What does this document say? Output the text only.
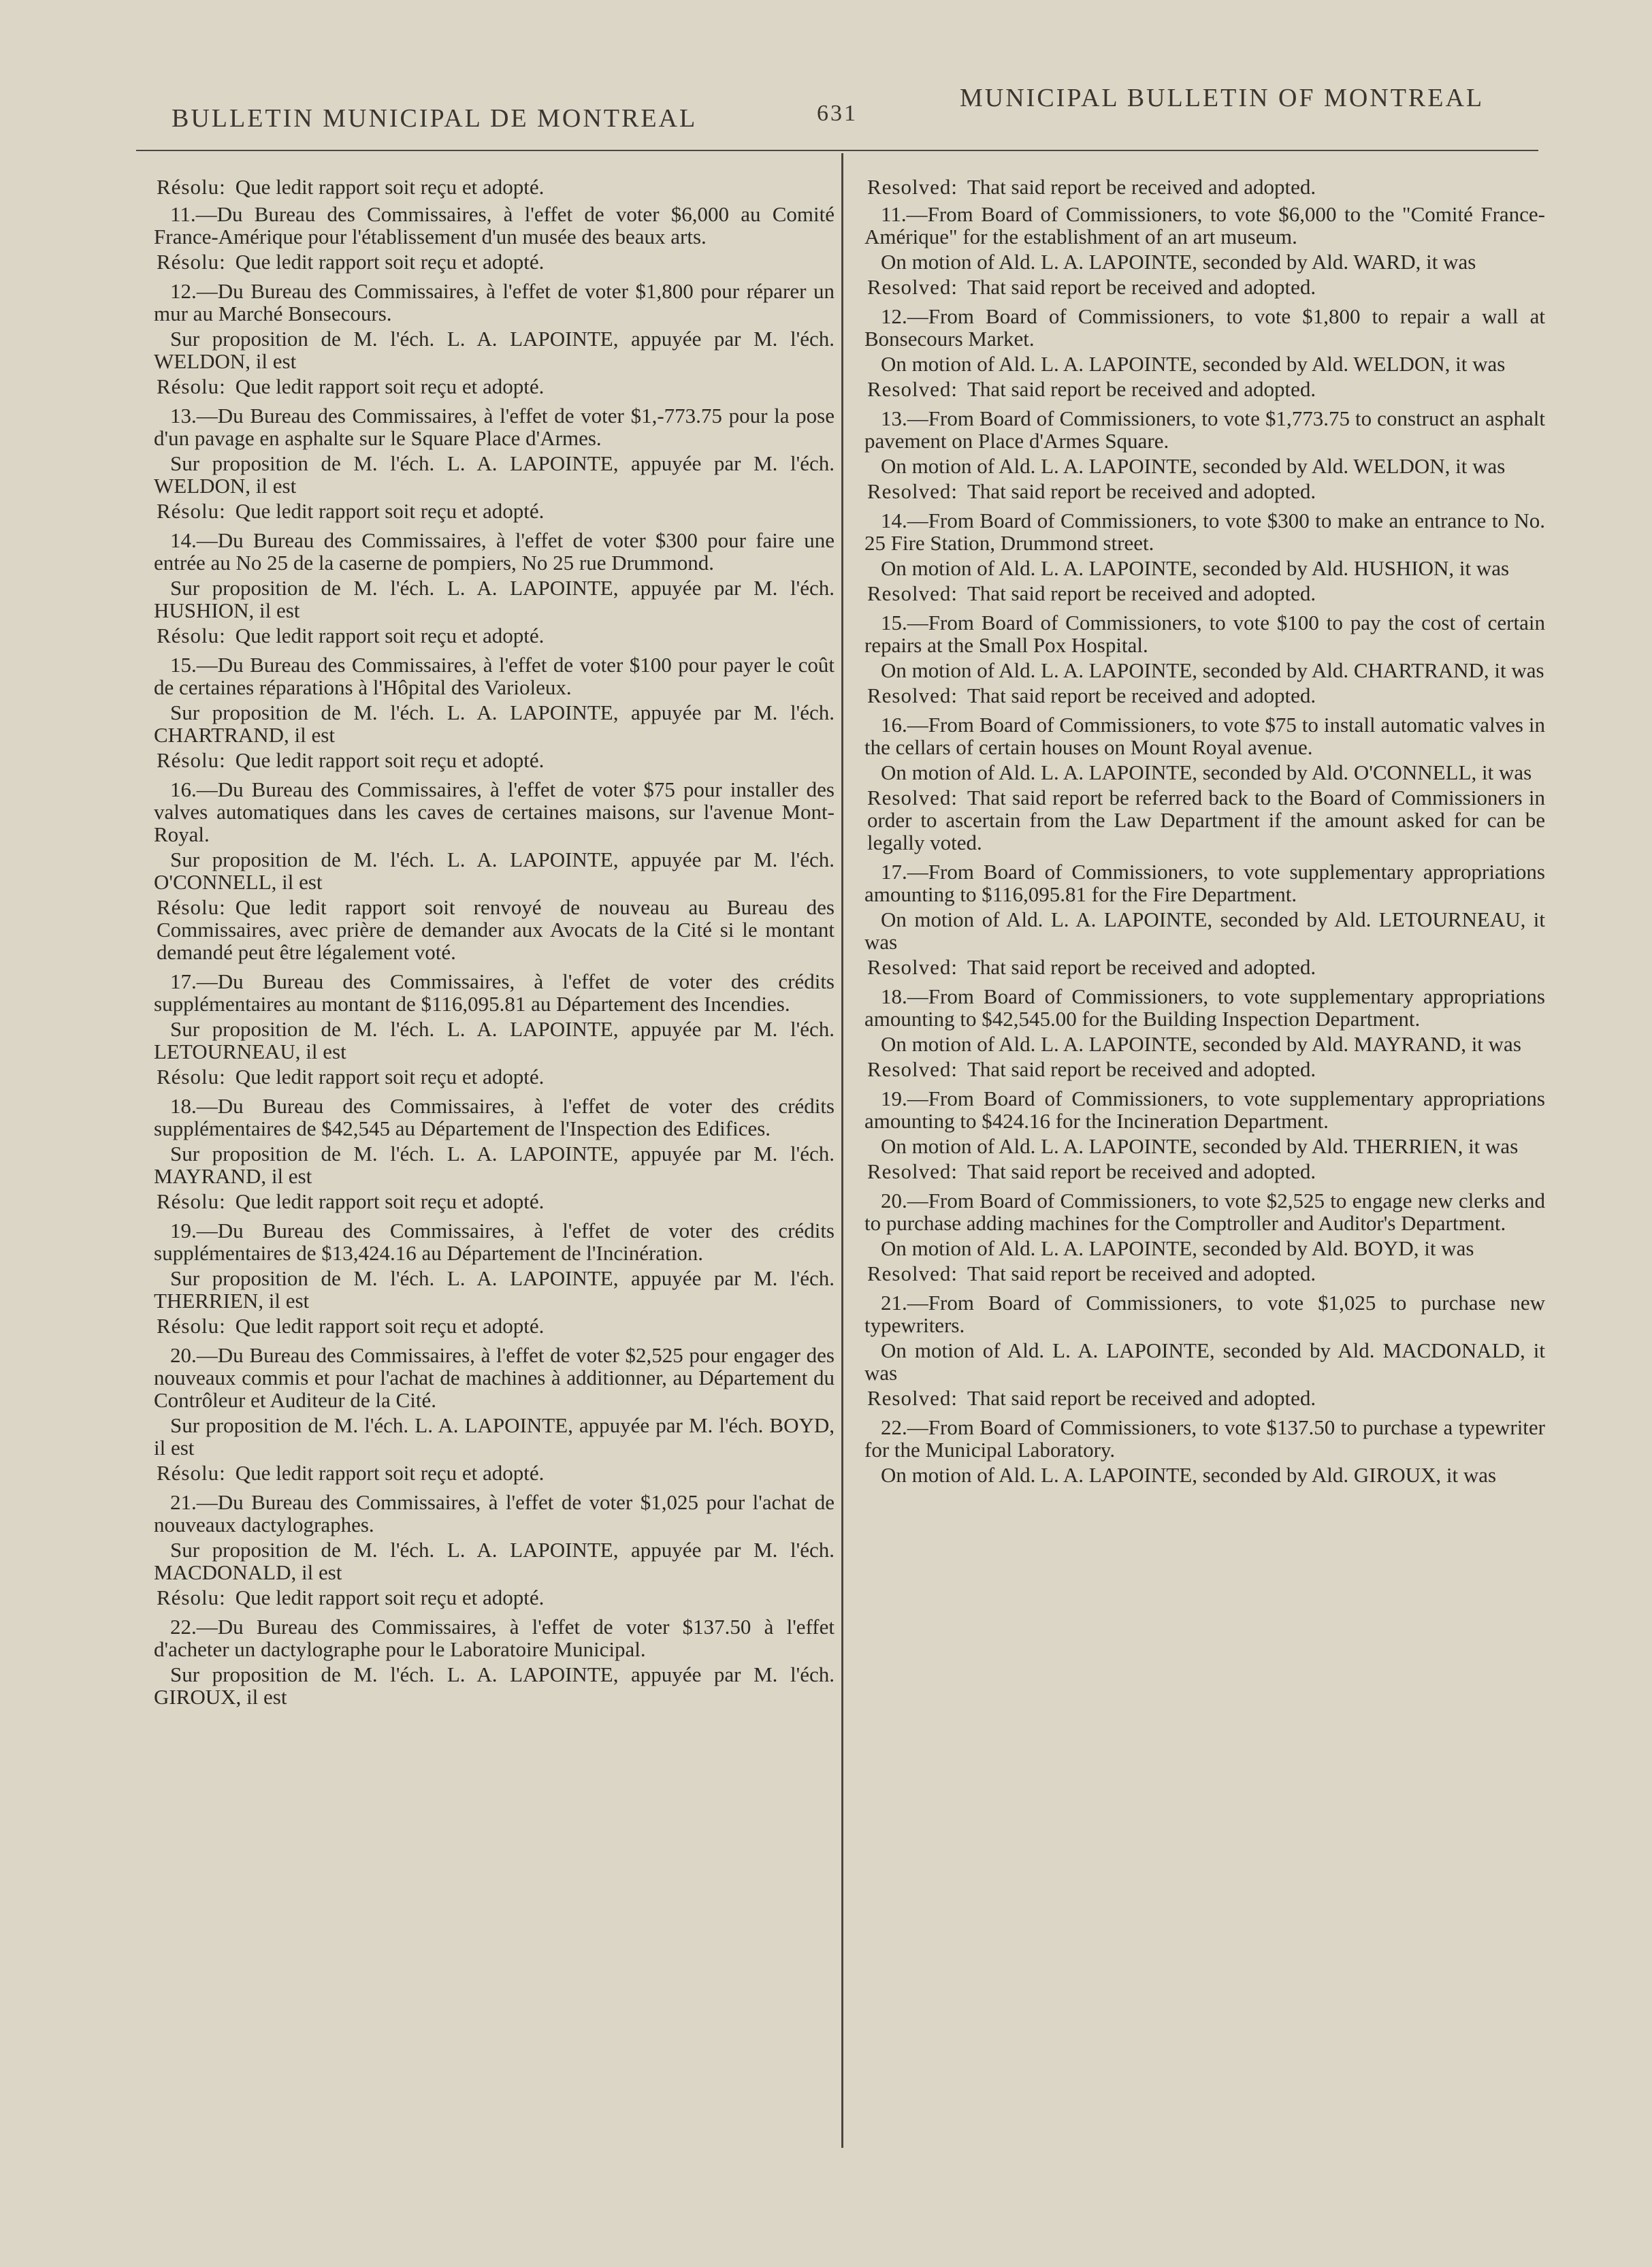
BULLETIN MUNICIPAL DE MONTREAL	631
MUNICIPAL BULLETIN OF MONTREAL

Résolu: Que ledit rapport soit reçu et adopté.

11.—Du Bureau des Commissaires, à l'effet de voter $6,000 au Comité France-Amérique pour l'établissement d'un musée des beaux arts.

Résolu: Que ledit rapport soit reçu et adopté.

12.—Du Bureau des Commissaires, à l'effet de voter $1,800 pour réparer un mur au Marché Bonsecours.

Sur proposition de M. l'éch. L. A. LAPOINTE, appuyée par M. l'éch. WELDON, il est

Résolu: Que ledit rapport soit reçu et adopté.

13.—Du Bureau des Commissaires, à l'effet de voter $1,-773.75 pour la pose d'un pavage en asphalte sur le Square Place d'Armes.

Sur proposition de M. l'éch. L. A. LAPOINTE, appuyée par M. l'éch. WELDON, il est

Résolu: Que ledit rapport soit reçu et adopté.

14.—Du Bureau des Commissaires, à l'effet de voter $300 pour faire une entrée au No 25 de la caserne de pompiers, No 25 rue Drummond.

Sur proposition de M. l'éch. L. A. LAPOINTE, appuyée par M. l'éch. HUSHION, il est

Résolu: Que ledit rapport soit reçu et adopté.

15.—Du Bureau des Commissaires, à l'effet de voter $100 pour payer le coût de certaines réparations à l'Hôpital des Varioleux.

Sur proposition de M. l'éch. L. A. LAPOINTE, appuyée par M. l'éch. CHARTRAND, il est

Résolu: Que ledit rapport soit reçu et adopté.

16.—Du Bureau des Commissaires, à l'effet de voter $75 pour installer des valves automatiques dans les caves de certaines maisons, sur l'avenue Mont-Royal.

Sur proposition de M. l'éch. L. A. LAPOINTE, appuyée par M. l'éch. O'CONNELL, il est

Résolu: Que ledit rapport soit renvoyé de nouveau au Bureau des Commissaires, avec prière de demander aux Avocats de la Cité si le montant demandé peut être légalement voté.

17.—Du Bureau des Commissaires, à l'effet de voter des crédits supplémentaires au montant de $116,095.81 au Département des Incendies.

Sur proposition de M. l'éch. L. A. LAPOINTE, appuyée par M. l'éch. LETOURNEAU, il est

Résolu: Que ledit rapport soit reçu et adopté.

18.—Du Bureau des Commissaires, à l'effet de voter des crédits supplémentaires de $42,545 au Département de l'Inspection des Edifices.

Sur proposition de M. l'éch. L. A. LAPOINTE, appuyée par M. l'éch. MAYRAND, il est

Résolu: Que ledit rapport soit reçu et adopté.

19.—Du Bureau des Commissaires, à l'effet de voter des crédits supplémentaires de $13,424.16 au Département de l'Incinération.

Sur proposition de M. l'éch. L. A. LAPOINTE, appuyée par M. l'éch. THERRIEN, il est

Résolu: Que ledit rapport soit reçu et adopté.

20.—Du Bureau des Commissaires, à l'effet de voter $2,525 pour engager des nouveaux commis et pour l'achat de machines à additionner, au Département du Contrôleur et Auditeur de la Cité.

Sur proposition de M. l'éch. L. A. LAPOINTE, appuyée par M. l'éch. BOYD, il est

Résolu: Que ledit rapport soit reçu et adopté.

21.—Du Bureau des Commissaires, à l'effet de voter $1,025 pour l'achat de nouveaux dactylographes.

Sur proposition de M. l'éch. L. A. LAPOINTE, appuyée par M. l'éch. MACDONALD, il est

Résolu: Que ledit rapport soit reçu et adopté.

22.—Du Bureau des Commissaires, à l'effet de voter $137.50 à l'effet d'acheter un dactylographe pour le Laboratoire Municipal.

Sur proposition de M. l'éch. L. A. LAPOINTE, appuyée par M. l'éch. GIROUX, il est

Resolved: That said report be received and adopted.

11.—From Board of Commissioners, to vote $6,000 to the "Comité France-Amérique" for the establishment of an art museum.

On motion of Ald. L. A. LAPOINTE, seconded by Ald. WARD, it was

Resolved: That said report be received and adopted.

12.—From Board of Commissioners, to vote $1,800 to repair a wall at Bonsecours Market.

On motion of Ald. L. A. LAPOINTE, seconded by Ald. WELDON, it was

Resolved: That said report be received and adopted.

13.—From Board of Commissioners, to vote $1,773.75 to construct an asphalt pavement on Place d'Armes Square.

On motion of Ald. L. A. LAPOINTE, seconded by Ald. WELDON, it was

Resolved: That said report be received and adopted.

14.—From Board of Commissioners, to vote $300 to make an entrance to No. 25 Fire Station, Drummond street.

On motion of Ald. L. A. LAPOINTE, seconded by Ald. HUSHION, it was

Resolved: That said report be received and adopted.

15.—From Board of Commissioners, to vote $100 to pay the cost of certain repairs at the Small Pox Hospital.

On motion of Ald. L. A. LAPOINTE, seconded by Ald. CHARTRAND, it was

Resolved: That said report be received and adopted.

16.—From Board of Commissioners, to vote $75 to install automatic valves in the cellars of certain houses on Mount Royal avenue.

On motion of Ald. L. A. LAPOINTE, seconded by Ald. O'CONNELL, it was

Resolved: That said report be referred back to the Board of Commissioners in order to ascertain from the Law Department if the amount asked for can be legally voted.

17.—From Board of Commissioners, to vote supplementary appropriations amounting to $116,095.81 for the Fire Department.

On motion of Ald. L. A. LAPOINTE, seconded by Ald. LETOURNEAU, it was

Resolved: That said report be received and adopted.

18.—From Board of Commissioners, to vote supplementary appropriations amounting to $42,545.00 for the Building Inspection Department.

On motion of Ald. L. A. LAPOINTE, seconded by Ald. MAYRAND, it was

Resolved: That said report be received and adopted.

19.—From Board of Commissioners, to vote supplementary appropriations amounting to $424.16 for the Incineration Department.

On motion of Ald. L. A. LAPOINTE, seconded by Ald. THERRIEN, it was

Resolved: That said report be received and adopted.

20.—From Board of Commissioners, to vote $2,525 to engage new clerks and to purchase adding machines for the Comptroller and Auditor's Department.

On motion of Ald. L. A. LAPOINTE, seconded by Ald. BOYD, it was

Resolved: That said report be received and adopted.

21.—From Board of Commissioners, to vote $1,025 to purchase new typewriters.

On motion of Ald. L. A. LAPOINTE, seconded by Ald. MACDONALD, it was

Resolved: That said report be received and adopted.

22.—From Board of Commissioners, to vote $137.50 to purchase a typewriter for the Municipal Laboratory.

On motion of Ald. L. A. LAPOINTE, seconded by Ald. GIROUX, it was
